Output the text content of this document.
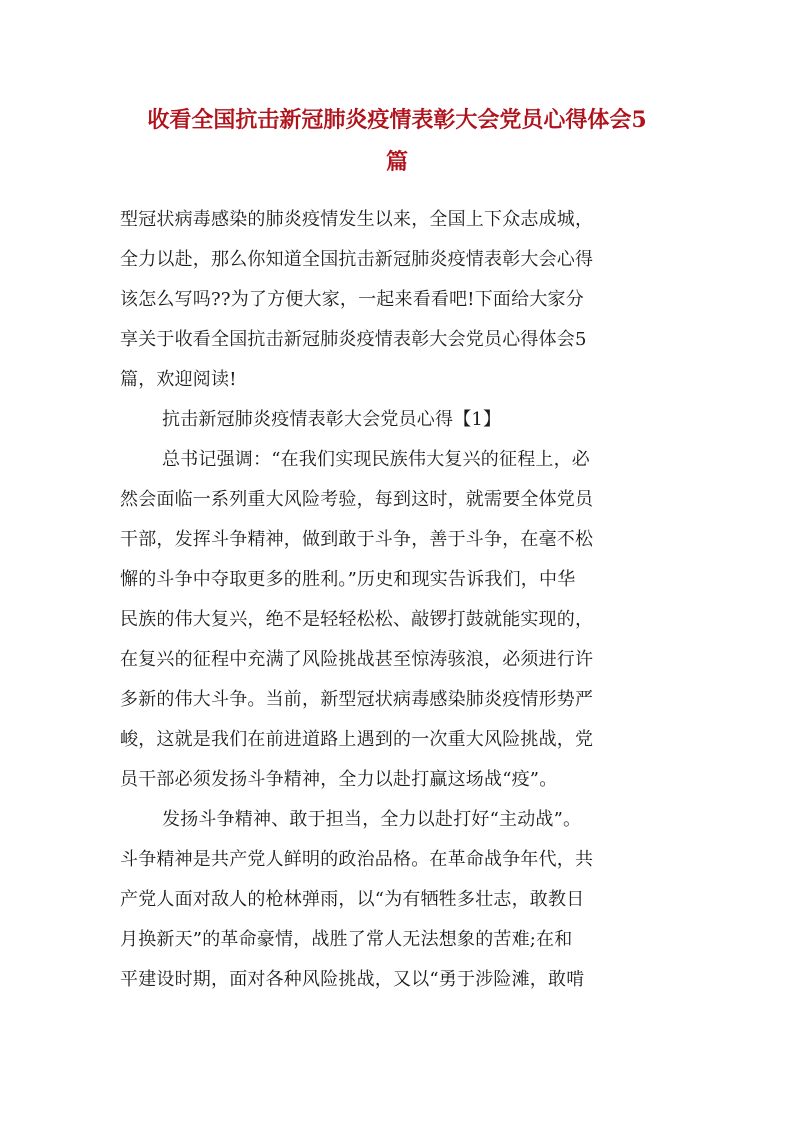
收看全国抗击新冠肺炎疫情表彰大会党员心得体会5
篇
型冠状病毒感染的肺炎疫情发生以来，全国上下众志成城，
全力以赴，那么你知道全国抗击新冠肺炎疫情表彰大会心得
该怎么写吗??为了方便大家，一起来看看吧!下面给大家分
享关于收看全国抗击新冠肺炎疫情表彰大会党员心得体会5
篇，欢迎阅读!
抗击新冠肺炎疫情表彰大会党员心得【1】
总书记强调：“在我们实现民族伟大复兴的征程上，必
然会面临一系列重大风险考验，每到这时，就需要全体党员
干部，发挥斗争精神，做到敢于斗争，善于斗争，在毫不松
懈的斗争中夺取更多的胜利。”历史和现实告诉我们，中华
民族的伟大复兴，绝不是轻轻松松、敲锣打鼓就能实现的，
在复兴的征程中充满了风险挑战甚至惊涛骇浪，必须进行许
多新的伟大斗争。当前，新型冠状病毒感染肺炎疫情形势严
峻，这就是我们在前进道路上遇到的一次重大风险挑战，党
员干部必须发扬斗争精神，全力以赴打赢这场战“疫”。
发扬斗争精神、敢于担当，全力以赴打好“主动战”。
斗争精神是共产党人鲜明的政治品格。在革命战争年代，共
产党人面对敌人的枪林弹雨，以“为有牺牲多壮志，敢教日
月换新天”的革命豪情，战胜了常人无法想象的苦难;在和
平建设时期，面对各种风险挑战，又以“勇于涉险滩，敢啃
